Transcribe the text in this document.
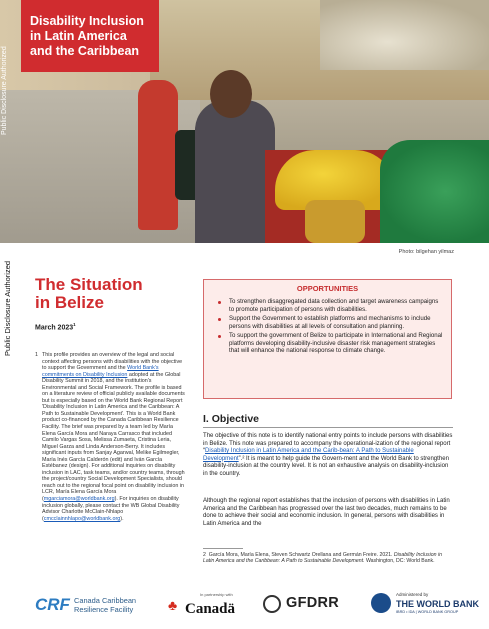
Disability Inclusion
in Latin America
and the Caribbean
Public Disclosure Authorized
Public Disclosure Authorized
Photo: bilgehan yilmaz
The Situation
in Belize
March 2023$^1$
1 This profile provides an overview of the legal and social context affecting persons with disabilities with the objective to support the Government and the World Bank's commitments on Disability Inclusion adopted at the Global Disability Summit in 2018, and the institution's Environmental and Social Framework. The profile is based on a literature review of official publicly available documents but is especially based on the World Bank Regional Report 'Disability Inclusion in Latin America and the Caribbean: A Path to Sustainable Development'. This is a World Bank product co-financed by the Canada Caribbean Resilience Facility. The brief was prepared by a team led by María Elena García Mora and Naraya Carrasco that included Camilo Vargas Sosa, Melissa Zumaeta, Cristina Leria, Miguel Garza and Linda Anderson-Berry. It includes significant inputs from Sanjay Agarwal, Melike Egilmegler, María Inés García Calderón (edit) and Iván García Estébanez (design). For additional inquiries on disability inclusion in LAC, task teams, and/or country teams, through the project/country Social Development Specialists, should reach out to the regional focal point on disability inclusion in LCR, María Elena García Mora (mgarciamora@worldbank.org). For inquiries on disability inclusion globally, please contact the WB Global Disability Advisor Charlotte McClain-Nhlapo (cmcclainnhlapo@worldbank.org).
OPPORTUNITIES
To strengthen disaggregated data collection and target awareness campaigns to promote participation of persons with disabilities.
Support the Government to establish platforms and mechanisms to include persons with disabilities at all levels of consultation and planning.
To support the government of Belize to participate in International and Regional platforms developing disability-inclusive disaster risk management strategies that will enhance the national response to climate change.
I. Objective
The objective of this note is to identify national entry points to include persons with disabilities in Belize. This note was prepared to accompany the operational-ization of the regional report “Disability Inclusion in Latin America and the Carib-bean: A Path to Sustainable Development”.² It is meant to help guide the Govern-ment and the World Bank to strengthen disability-inclusion at the country level. It is not an exhaustive analysis on disability-inclusion in the country.
Although the regional report establishes that the inclusion of persons with disabilities in Latin America and the Caribbean has progressed over the last two decades, much remains to be done to achieve their social and economic inclusion. In general, persons with disabilities in Latin America and the
2 García Mora, María Elena, Steven Schwartz Orellana and Germán Freire. 2021. Disability Inclusion in Latin America and the Caribbean: A Path to Sustainable Development. Washington, DC: World Bank.
CRF Canada Caribbean
Resilience Facility
In partnership with
♣ Canadä	GFDRR
Administered by
THE WORLD BANK
IBRD • IDA | WORLD BANK GROUP
